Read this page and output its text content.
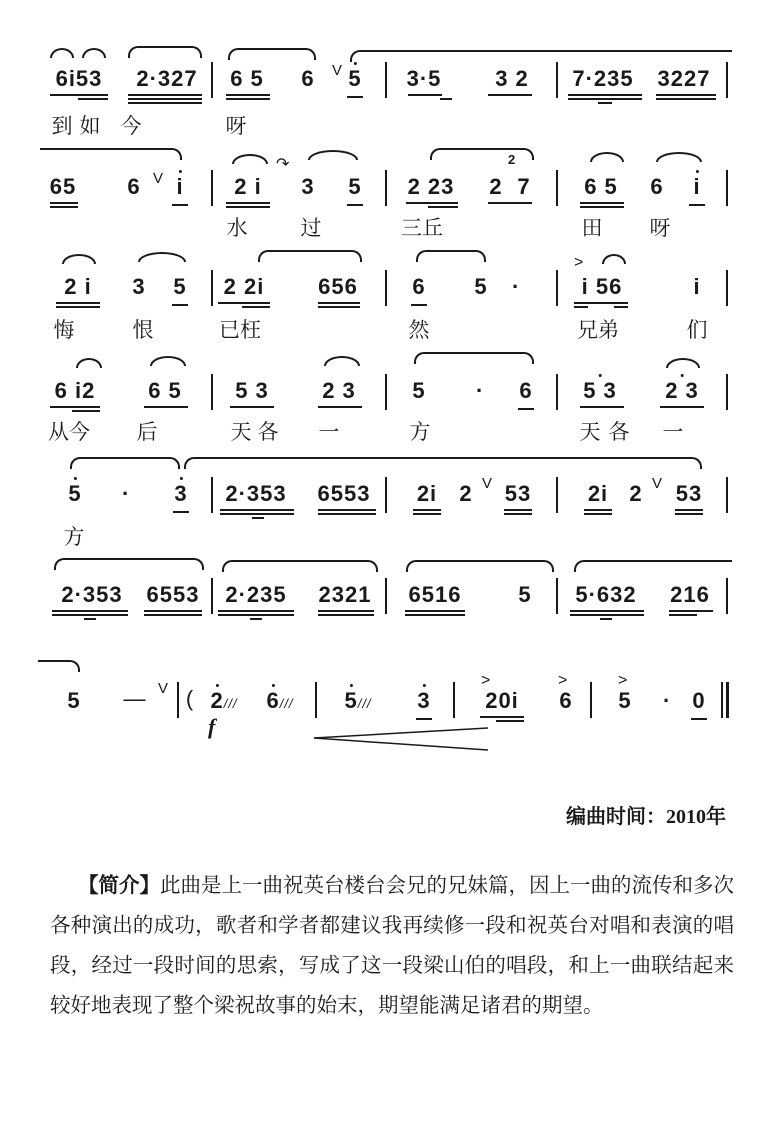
6i53 2·327 6 5 6 V 5 3·5 3 2 7·235 3227
到 如 今	呀
65 6 V i 2 i
↷
3 5 2 23 2
2
7 6 5 6 i
水	过	三丘	田 呀
2 i 3 5 2 2i 656 6 5 ·
>
i 56	i
悔	恨	已枉	然	兄弟	们
6 i2 6 5 5 3 2 3	5 · 6 5 3 2 3
从今 后	天 各 一	方	天 各 一
5 · 3 2·353 6553 2i 2 V 53	2i 2 V 53
方
2·353 6553 2·235 2321 6516	5 5·632 216
5 — V ( 2///
f
6/// 5/// 3
>
20i
>
6
>
5 · 0
编曲时间：2010年
【简介】此曲是上一曲祝英台楼台会兄的兄妹篇，因上一曲的流传和多次各种演出的成功，歌者和学者都建议我再续修一段和祝英台对唱和表演的唱段，经过一段时间的思索，写成了这一段梁山伯的唱段，和上一曲联结起来较好地表现了整个梁祝故事的始末，期望能满足诸君的期望。
